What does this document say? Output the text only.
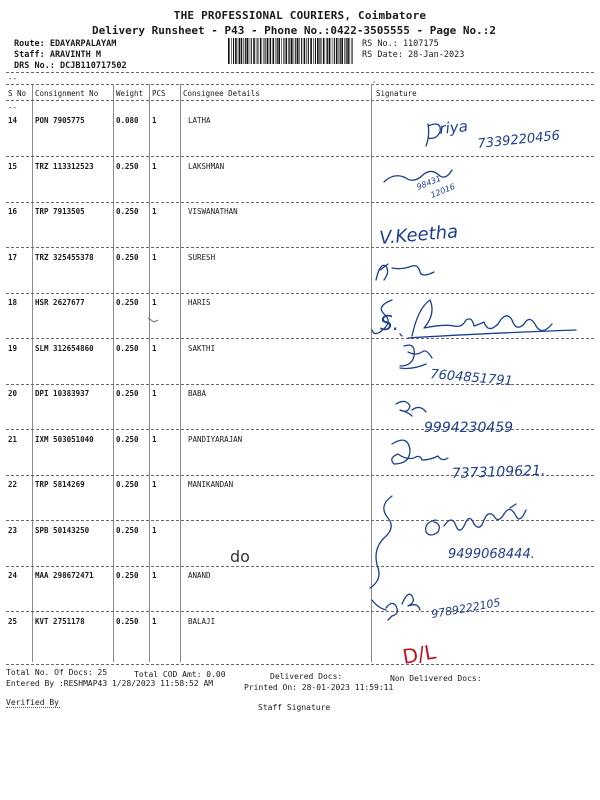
THE PROFESSIONAL COURIERS, Coimbatore
Delivery Runsheet - P43 - Phone No.:0422-3505555 - Page No.:2
Route: EDAYARPALAYAM
Staff: ARAVINTH M
DRS No.: DCJB110717502
RS No.: 1107175
RS Date: 28-Jan-2023
--
S No Consignment No Weight PCS Consignee Details	Signature
--
14 PON 7905775	0.080 1	LATHA
15 TRZ 113312523	0.250 1	LAKSHMAN
16 TRP 7913505	0.250 1	VISWANATHAN
17 TRZ 325455378	0.250 1	SURESH
18 HSR 2627677	0.250 1	HARIS
19 SLM 312654860	0.250 1	SAKTHI
20 DPI 10383937	0.250 1	BABA
21 IXM 503051040	0.250 1	PANDIYARAJAN
22 TRP 5814269	0.250 1	MANIKANDAN
23 SPB 50143250	0.250 1
24 MAA 298672471	0.250 1	ANAND
25 KVT 2751178	0.250 1	BALAJI
riya
7339220456
98431
12016
V.Keetha
S.
7604851791
9994230459
7373109621.
9499068444.
9789222105
do
D/L
Total No. Of Docs: 25	Total COD Amt: 0.00	Delivered Docs:	Non Delivered Docs:
Entered By :RESHMAP43 1/28/2023 11:58:52 AM	Printed On: 28-01-2023 11:59:11
Verified By
Staff Signature
